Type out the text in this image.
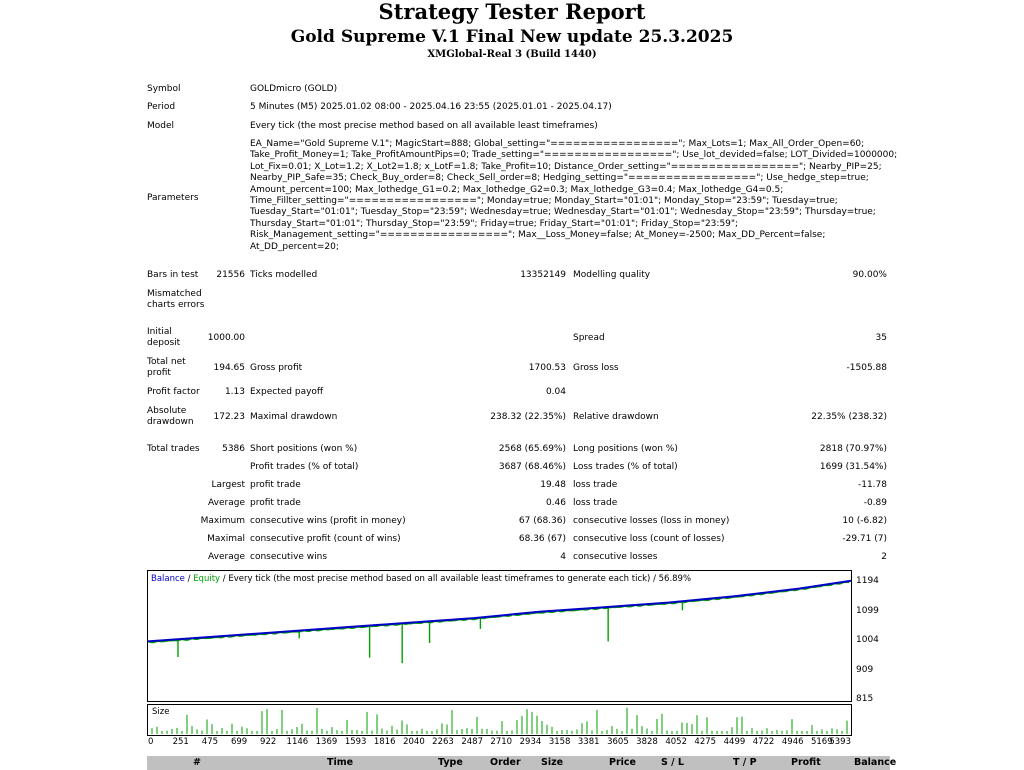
Strategy Tester Report
Gold Supreme V.1 Final New update 25.3.2025
XMGlobal-Real 3 (Build 1440)
Symbol	GOLDmicro (GOLD)
Period	5 Minutes (M5) 2025.01.02 08:00 - 2025.04.16 23:55 (2025.01.01 - 2025.04.17)
Model	Every tick (the most precise method based on all available least timeframes)
Parameters
EA_Name="Gold Supreme V.1"; MagicStart=888; Global_setting="================="; Max_Lots=1; Max_All_Order_Open=60;
Take_Profit_Money=1; Take_ProfitAmountPips=0; Trade_setting="================="; Use_lot_devided=false; LOT_Divided=1000000;
Lot_Fix=0.01; X_Lot=1.2; X_Lot2=1.8; x_LotF=1.8; Take_Profit=10; Distance_Order_setting="================="; Nearby_PIP=25;
Nearby_PIP_Safe=35; Check_Buy_order=8; Check_Sell_order=8; Hedging_setting="================="; Use_hedge_step=true;
Amount_percent=100; Max_lothedge_G1=0.2; Max_lothedge_G2=0.3; Max_lothedge_G3=0.4; Max_lothedge_G4=0.5;
Time_Fillter_setting="================="; Monday=true; Monday_Start="01:01"; Monday_Stop="23:59"; Tuesday=true;
Tuesday_Start="01:01"; Tuesday_Stop="23:59"; Wednesday=true; Wednesday_Start="01:01"; Wednesday_Stop="23:59"; Thursday=true;
Thursday_Start="01:01"; Thursday_Stop="23:59"; Friday=true; Friday_Start="01:01"; Friday_Stop="23:59";
Risk_Management_setting="================="; Max__Loss_Money=false; At_Money=-2500; Max_DD_Percent=false;
At_DD_percent=20;
Bars in test	21556 Ticks modelled	13352149 Modelling quality	90.00%
Mismatched
charts errors
Initial
deposit	1000.00	Spread	35
Total net
profit	194.65 Gross profit	1700.53 Gross loss	-1505.88
Profit factor	1.13 Expected payoff	0.04
Absolute
drawdown	172.23 Maximal drawdown	238.32 (22.35%) Relative drawdown	22.35% (238.32)
Total trades	5386 Short positions (won %)	2568 (65.69%) Long positions (won %)	2818 (70.97%)
Profit trades (% of total)	3687 (68.46%) Loss trades (% of total)	1699 (31.54%)
Largest profit trade	19.48 loss trade	-11.78
Average profit trade	0.46 loss trade	-0.89
Maximum consecutive wins (profit in money)	67 (68.36) consecutive losses (loss in money)	10 (-6.82)
Maximal consecutive profit (count of wins)	68.36 (67) consecutive loss (count of losses)	-29.71 (7)
Average consecutive wins	4 consecutive losses	2
Balance / Equity / Every tick (the most precise method based on all available least timeframes to generate each tick) / 56.89%	1194
1099
1004
909
815
Size
0 251 475 699 922 1146 1369 1593 1816 2040 2263 2487 2710 2934 3158 3381 3605 3828 4052 4275 4499 4722 4946 5169
5393
#	Time	Type	Order Size	Price	S / L	T / P	Profit	Balance
